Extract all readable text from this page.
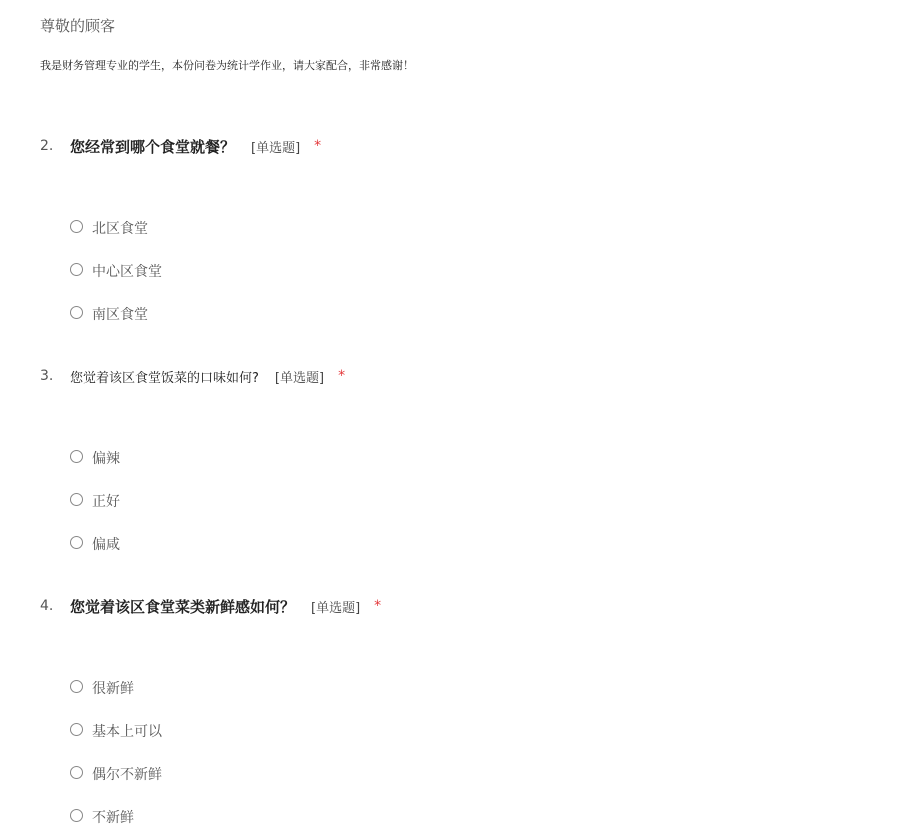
尊敬的顾客
我是财务管理专业的学生，本份问卷为统计学作业，请大家配合，非常感谢！
2.	您经常到哪个食堂就餐？ [单选题] *
北区食堂
中心区食堂
南区食堂
3.	您觉着该区食堂饭菜的口味如何? [单选题] *
偏辣
正好
偏咸
4.	您觉着该区食堂菜类新鲜感如何？ [单选题] *
很新鲜
基本上可以
偶尔不新鲜
不新鲜
